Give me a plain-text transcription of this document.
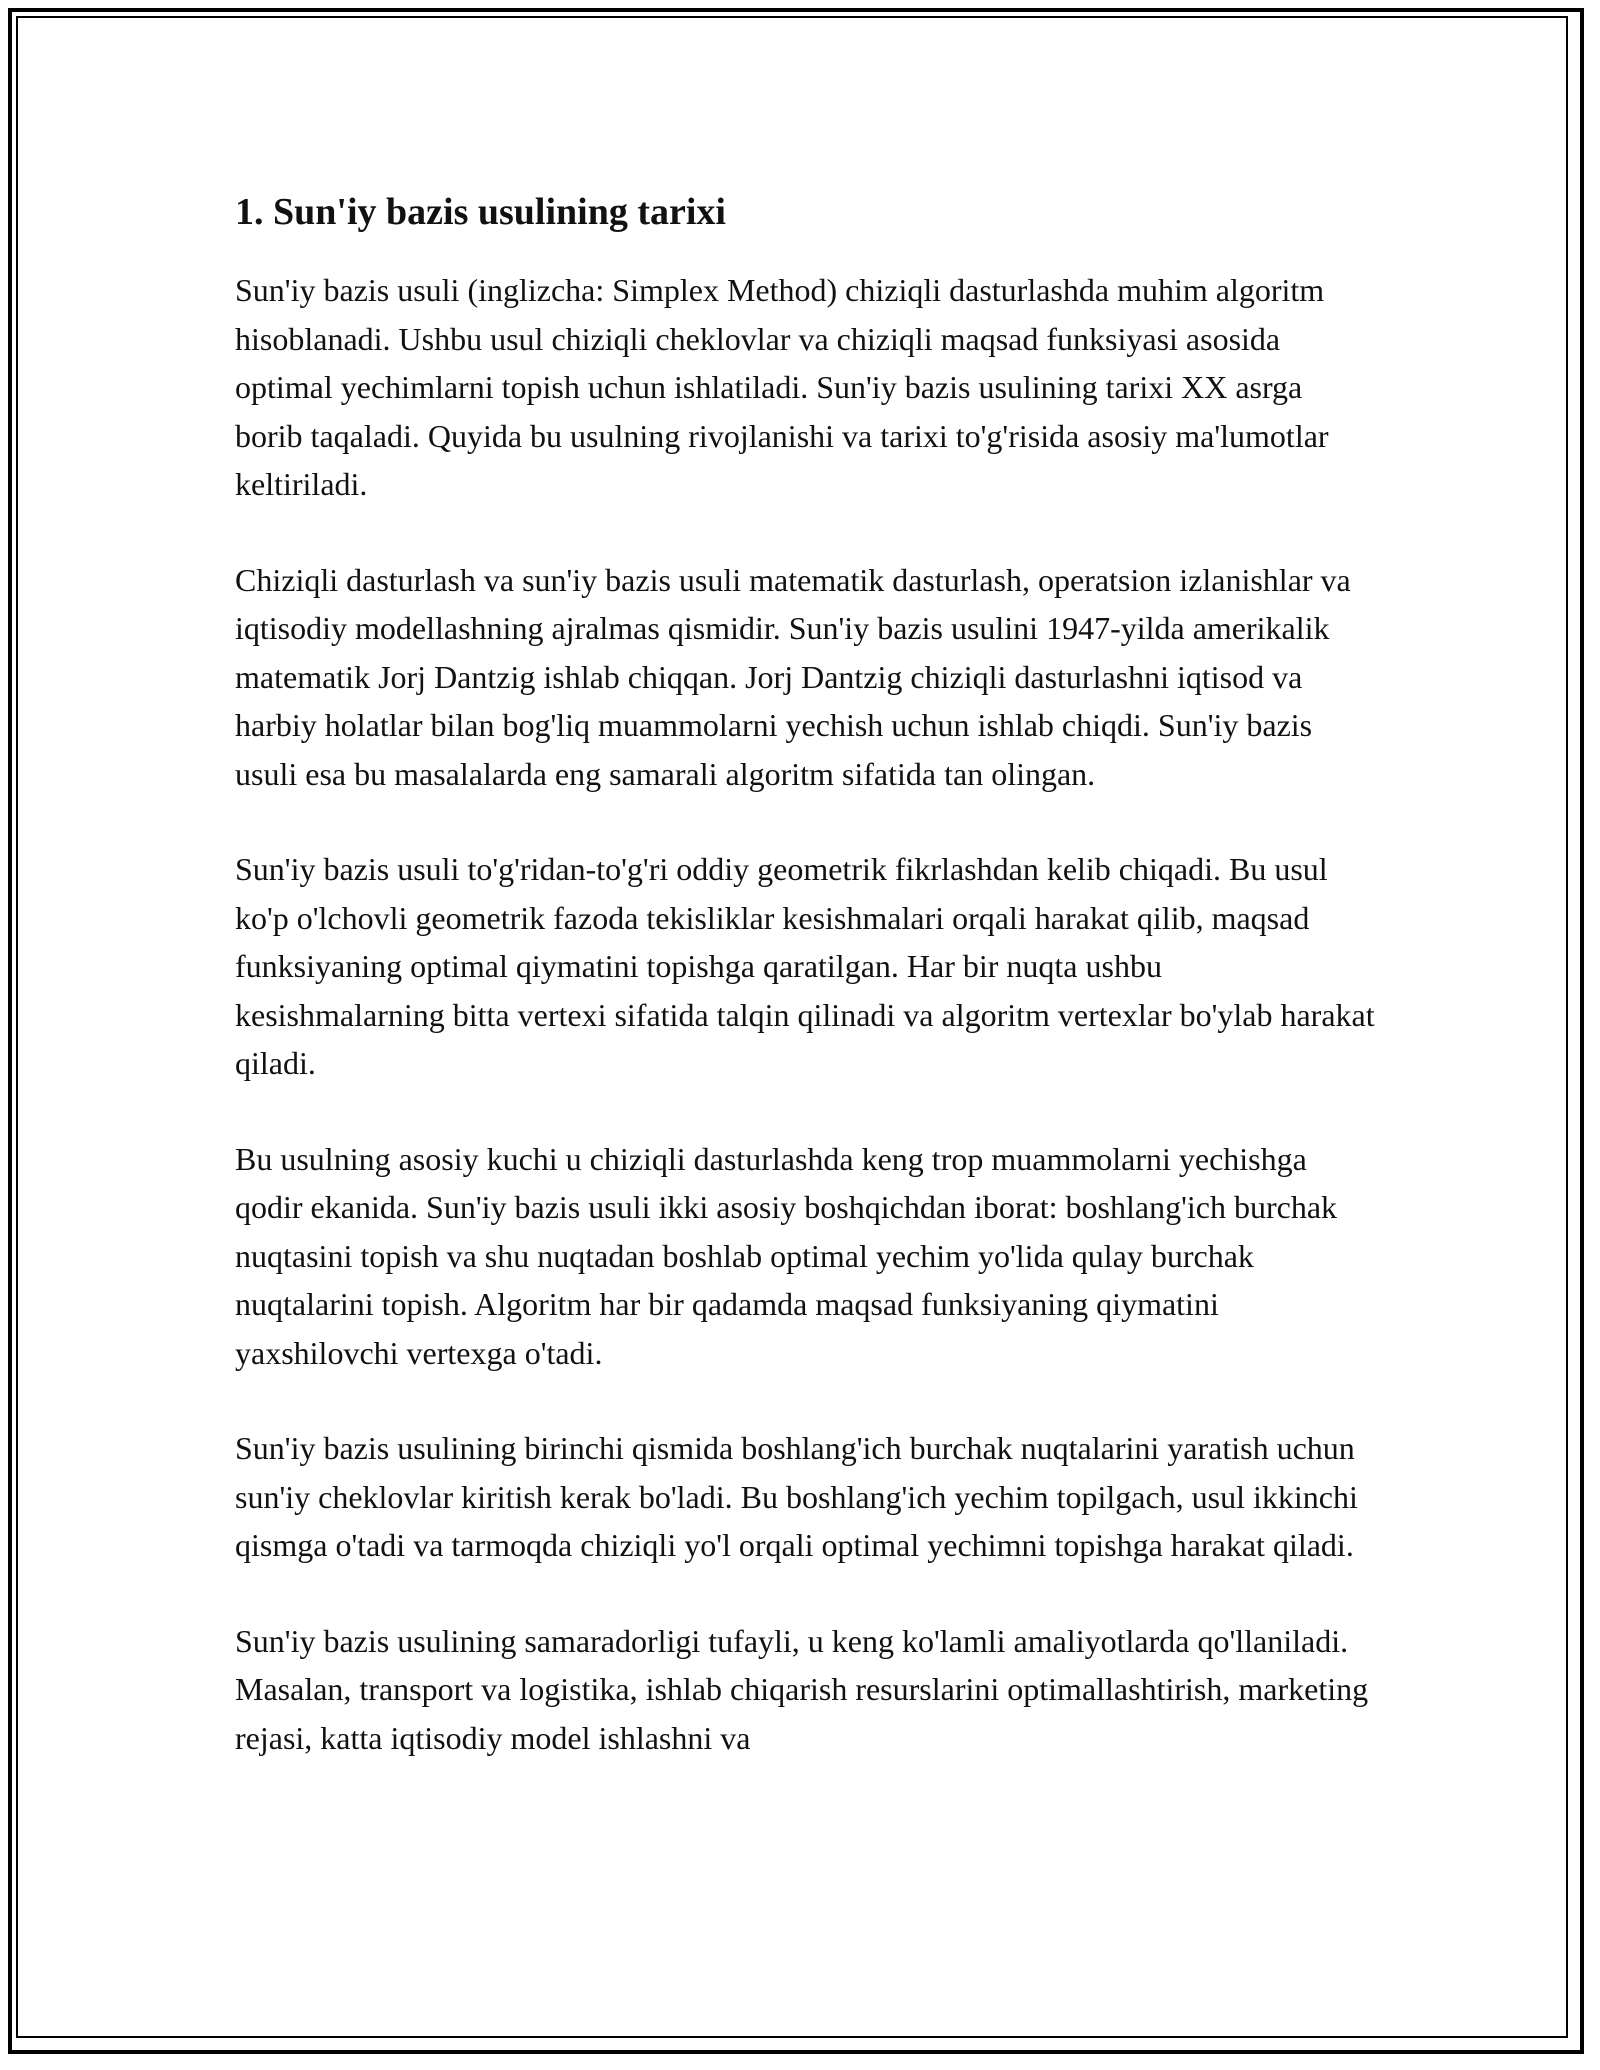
1. Sun'iy bazis usulining tarixi

Sun'iy bazis usuli (inglizcha: Simplex Method) chiziqli dasturlashda muhim algoritm hisoblanadi. Ushbu usul chiziqli cheklovlar va chiziqli maqsad funksiyasi asosida optimal yechimlarni topish uchun ishlatiladi. Sun'iy bazis usulining tarixi XX asrga borib taqaladi. Quyida bu usulning rivojlanishi va tarixi to'g'risida asosiy ma'lumotlar keltiriladi.

Chiziqli dasturlash va sun'iy bazis usuli matematik dasturlash, operatsion izlanishlar va iqtisodiy modellashning ajralmas qismidir. Sun'iy bazis usulini 1947-yilda amerikalik matematik Jorj Dantzig ishlab chiqqan. Jorj Dantzig chiziqli dasturlashni iqtisod va harbiy holatlar bilan bog'liq muammolarni yechish uchun ishlab chiqdi. Sun'iy bazis usuli esa bu masalalarda eng samarali algoritm sifatida tan olingan.

Sun'iy bazis usuli to'g'ridan-to'g'ri oddiy geometrik fikrlashdan kelib chiqadi. Bu usul ko'p o'lchovli geometrik fazoda tekisliklar kesishmalari orqali harakat qilib, maqsad funksiyaning optimal qiymatini topishga qaratilgan. Har bir nuqta ushbu kesishmalarning bitta vertexi sifatida talqin qilinadi va algoritm vertexlar bo'ylab harakat qiladi.

Bu usulning asosiy kuchi u chiziqli dasturlashda keng trop muammolarni yechishga qodir ekanida. Sun'iy bazis usuli ikki asosiy boshqichdan iborat: boshlang'ich burchak nuqtasini topish va shu nuqtadan boshlab optimal yechim yo'lida qulay burchak nuqtalarini topish. Algoritm har bir qadamda maqsad funksiyaning qiymatini yaxshilovchi vertexga o'tadi.

Sun'iy bazis usulining birinchi qismida boshlang'ich burchak nuqtalarini yaratish uchun sun'iy cheklovlar kiritish kerak bo'ladi. Bu boshlang'ich yechim topilgach, usul ikkinchi qismga o'tadi va tarmoqda chiziqli yo'l orqali optimal yechimni topishga harakat qiladi.

Sun'iy bazis usulining samaradorligi tufayli, u keng ko'lamli amaliyotlarda qo'llaniladi. Masalan, transport va logistika, ishlab chiqarish resurslarini optimallashtirish, marketing rejasi, katta iqtisodiy model ishlashni va
